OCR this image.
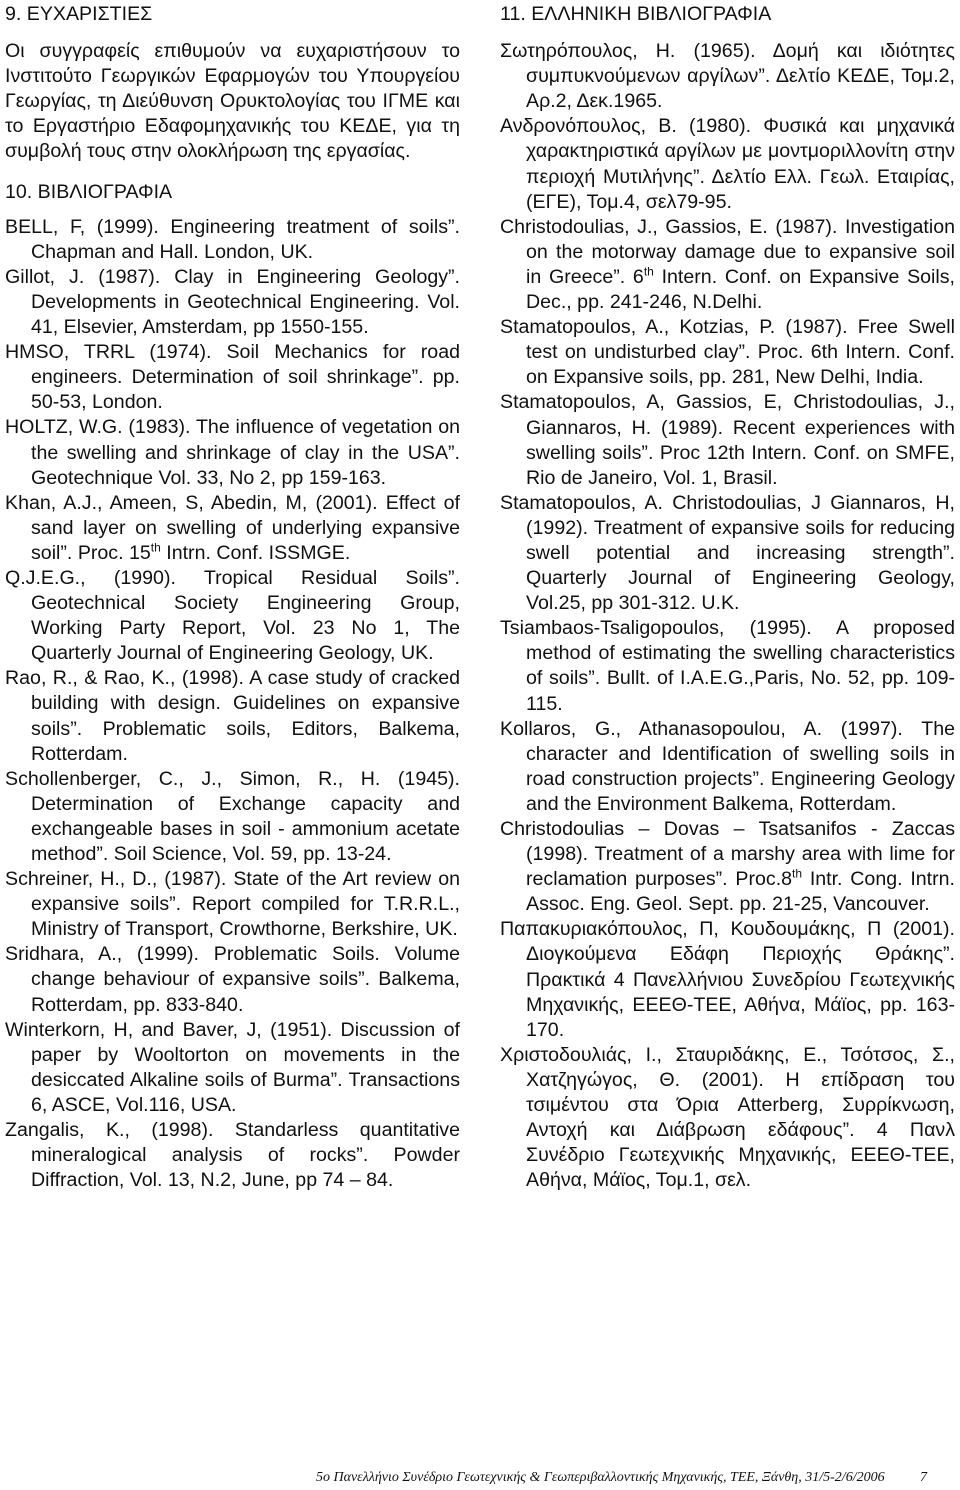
9. ΕΥΧΑΡΙΣΤΙΕΣ

Οι συγγραφείς επιθυμούν να ευχαριστήσουν το Ινστιτούτο Γεωργικών Εφαρμογών του Υπουργείου Γεωργίας, τη Διεύθυνση Ορυκτολογίας του ΙΓΜΕ και το Εργαστήριο Εδαφομηχανικής του ΚΕΔΕ, για τη συμβολή τους στην ολοκλήρωση της εργασίας.

10. ΒΙΒΛΙΟΓΡΑΦΙΑ
BELL, F, (1999). Engineering treatment of soils”. Chapman and Hall. London, UK.
Gillot, J. (1987). Clay in Engineering Geology”. Developments in Geotechnical Engineering. Vol. 41, Elsevier, Amsterdam, pp 1550-155.
HMSO, TRRL (1974). Soil Mechanics for road engineers. Determination of soil shrinkage”. pp. 50-53, London.
HOLTZ, W.G. (1983). The influence of vegetation on the swelling and shrinkage of clay in the USA”. Geotechnique Vol. 33, No 2, pp 159-163.
Khan, A.J., Ameen, S, Abedin, M, (2001). Effect of sand layer on swelling of underlying expansive soil”. Proc. 15th Intrn. Conf. ISSMGE.
Q.J.E.G., (1990). Tropical Residual Soils”. Geotechnical Society Engineering Group, Working Party Report, Vol. 23 No 1, The Quarterly Journal of Engineering Geology, UK.
Rao, R., & Rao, K., (1998). A case study of cracked building with design. Guidelines on expansive soils”. Problematic soils, Editors, Balkema, Rotterdam.
Schollenberger, C., J., Simon, R., H. (1945). Determination of Exchange capacity and exchangeable bases in soil - ammonium acetate method”. Soil Science, Vol. 59, pp. 13-24.
Schreiner, H., D., (1987). State of the Art review on expansive soils”. Report compiled for T.R.R.L., Ministry of Transport, Crowthorne, Berkshire, UK.
Sridhara, A., (1999). Problematic Soils. Volume change behaviour of expansive soils”. Balkema, Rotterdam, pp. 833-840.
Winterkorn, H, and Baver, J, (1951). Discussion of paper by Wooltorton on movements in the desiccated Alkaline soils of Burma”. Transactions 6, ASCE, Vol.116, USA.
Zangalis, K., (1998). Standarless quantitative mineralogical analysis of rocks”. Powder Diffraction, Vol. 13, N.2, June, pp 74 – 84.
11. ΕΛΛΗΝΙΚΗ ΒΙΒΛΙΟΓΡΑΦΙΑ
Σωτηρόπουλος, Η. (1965). Δομή και ιδιότητες συμπυκνούμενων αργίλων”. Δελτίο ΚΕΔΕ, Τομ.2, Αρ.2, Δεκ.1965.
Ανδρονόπουλος, Β. (1980). Φυσικά και μηχανικά χαρακτηριστικά αργίλων με μοντμοριλλονίτη στην περιοχή Μυτιλήνης”. Δελτίο Ελλ. Γεωλ. Εταιρίας, (ΕΓΕ), Τομ.4, σελ79-95.
Christodoulias, J., Gassios, E. (1987). Investigation on the motorway damage due to expansive soil in Greece”. 6th Intern. Conf. on Expansive Soils, Dec., pp. 241-246, N.Delhi.
Stamatopoulos, A., Kotzias, P. (1987). Free Swell test on undisturbed clay”. Proc. 6th Intern. Conf. on Expansive soils, pp. 281, New Delhi, India.
Stamatopoulos, A, Gassios, E, Christodoulias, J., Giannaros, H. (1989). Recent experiences with swelling soils”. Proc 12th Intern. Conf. on SMFE, Rio de Janeiro, Vol. 1, Brasil.
Stamatopoulos, A. Christodoulias, J Giannaros, H, (1992). Treatment of expansive soils for reducing swell potential and increasing strength”. Quarterly Journal of Engineering Geology, Vol.25, pp 301-312. U.K.
Tsiambaos-Tsaligopoulos, (1995). A proposed method of estimating the swelling characteristics of soils”. Bullt. of I.A.E.G.,Paris, No. 52, pp. 109-115.
Kollaros, G., Athanasopoulou, A. (1997). The character and Identification of swelling soils in road construction projects”. Engineering Geology and the Environment Balkema, Rotterdam.
Christodoulias – Dovas – Tsatsanifos - Zaccas (1998). Treatment of a marshy area with lime for reclamation purposes”. Proc.8th Intr. Cong. Intrn. Assoc. Eng. Geol. Sept. pp. 21-25, Vancouver.
Παπακυριακόπουλος, Π, Κουδουμάκης, Π (2001). Διογκούμενα Εδάφη Περιοχής Θράκης”. Πρακτικά 4 Πανελλήνιου Συνεδρίου Γεωτεχνικής Μηχανικής, ΕΕΕΘ-ΤΕΕ, Αθήνα, Μάϊος, pp. 163-170.
Χριστοδουλιάς, Ι., Σταυριδάκης, Ε., Τσότσος, Σ., Χατζηγώγος, Θ. (2001). Η επίδραση του τσιμέντου στα Όρια Atterberg, Συρρίκνωση, Αντοχή και Διάβρωση εδάφους”. 4 Πανλ Συνέδριο Γεωτεχνικής Μηχανικής, ΕΕΕΘ-ΤΕΕ, Αθήνα, Μάϊος, Τομ.1, σελ.
5ο Πανελλήνιο Συνέδριο Γεωτεχνικής & Γεωπεριβαλλοντικής Μηχανικής, ΤΕΕ, Ξάνθη, 31/5-2/6/2006	7
